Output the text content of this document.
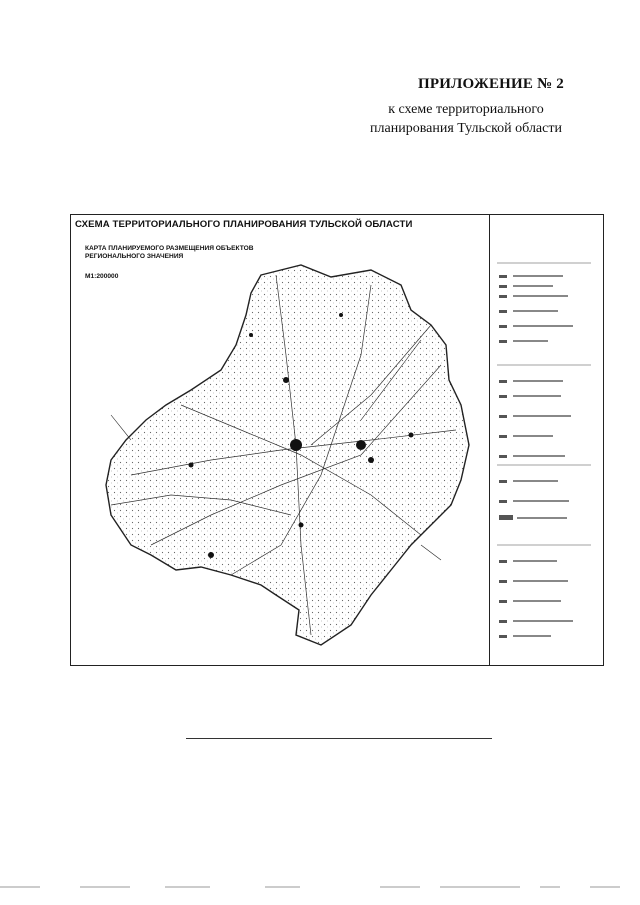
ПРИЛОЖЕНИЕ № 2
к схеме территориального
планирования Тульской области
СХЕМА ТЕРРИТОРИАЛЬНОГО ПЛАНИРОВАНИЯ ТУЛЬСКОЙ ОБЛАСТИ
КАРТА ПЛАНИРУЕМОГО РАЗМЕЩЕНИЯ ОБЪЕКТОВ
РЕГИОНАЛЬНОГО ЗНАЧЕНИЯ
М1:200000
